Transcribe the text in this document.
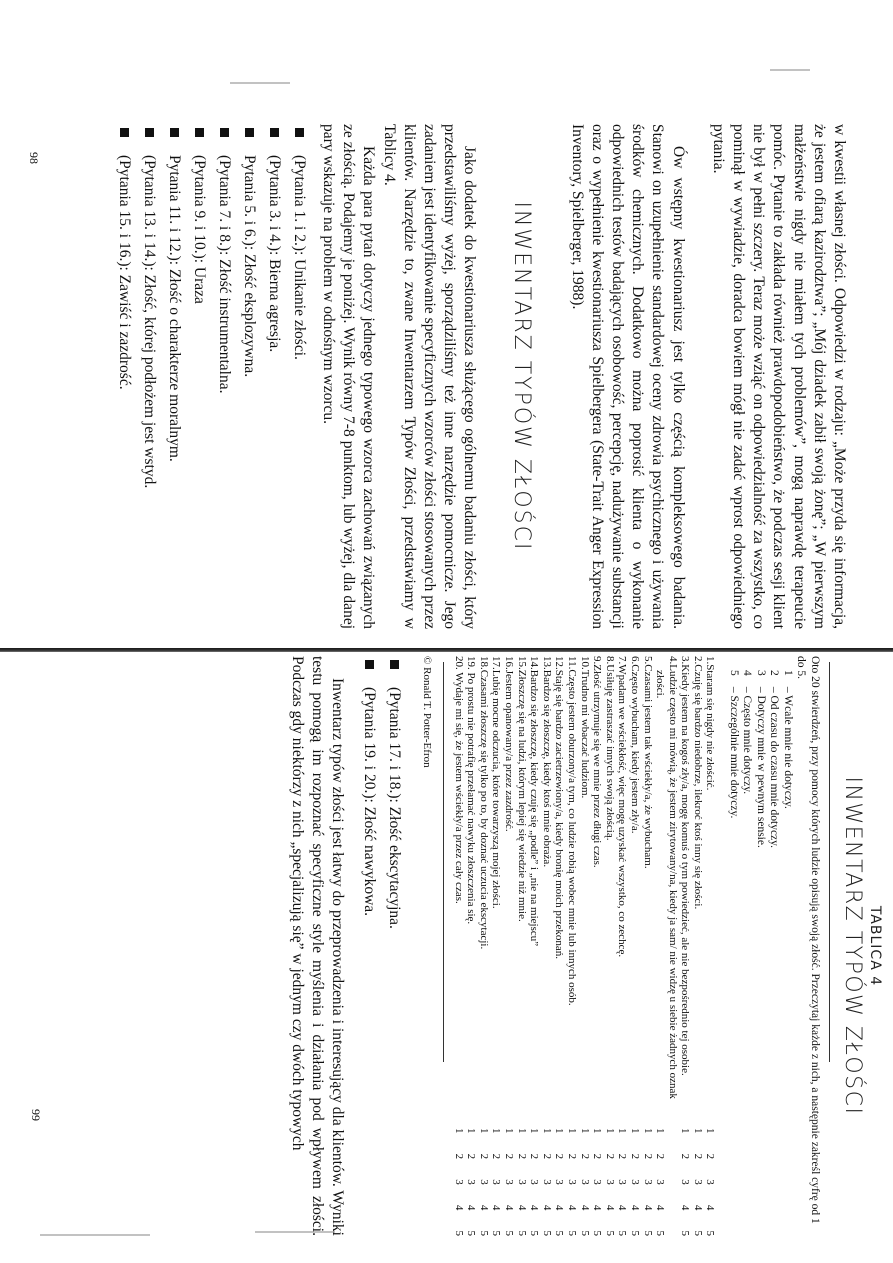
w kwestii własnej złości. Odpowiedzi w rodzaju: „Może przyda się informacja, że jestem ofiarą kazirodztwa”; „Mój dziadek zabił swoją żonę”; „W pierwszym małżeństwie nigdy nie miałem tych problemów”, mogą naprawdę terapeucie pomóc. Pytanie to zakłada również prawdopodobieństwo, że podczas sesji klient nie był w pełni szczery. Teraz może wziąć on odpowiedzialność za wszystko, co pominął w wywiadzie, doradca bowiem mógł nie zadać wprost odpowiedniego pytania.

Ów wstępny kwestionariusz jest tylko częścią kompleksowego badania. Stanowi on uzupełnienie standardowej oceny zdrowia psychicznego i używania środków chemicznych. Dodatkowo można poprosić klienta o wykonanie odpowiednich testów badających osobowość, percepcję, nadużywanie substancji oraz o wypełnienie kwestionariusza Spielbergera (State-Trait Anger Expression Inventory, Spielberger, 1988).

INWENTARZ TYPÓW ZŁOŚCI

Jako dodatek do kwestionariusza służącego ogólnemu badaniu złości, który przedstawiliśmy wyżej, sporządziliśmy też inne narzędzie pomocnicze. Jego zadaniem jest identyfikowanie specyficznych wzorców złości stosowanych przez klientów. Narzędzie to, zwane Inwentarzem Typów Złości, przedstawiamy w Tablicy 4.

Każda para pytań dotyczy jednego typowego wzorca zachowań związanych ze złością. Podajemy je poniżej. Wynik równy 7-8 punktom, lub wyżej, dla danej pary wskazuje na problem w odnośnym wzorcu.

(Pytania 1. i 2.): Unikanie złości.
(Pytania 3. i 4.): Bierna agresja.
Pytania 5. i 6.): Złość eksplozywna.
(Pytania 7. i 8.): Złość instrumentalna.
(Pytania 9. i 10.): Uraza
Pytania 11. i 12.): Złość o charakterze moralnym.
(Pytania 13. i 14.): Złość, której podłożem jest wstyd.
(Pytania 15. i 16.): Zawiść i zazdrość.
98
TABLICA 4
INWENTARZ TYPÓW ZŁOŚCI
Oto 20 stwierdzeń, przy pomocy których ludzie opisują swoją złość. Przeczytaj każde z nich, a następnie zakreśl cyfrę od 1 do 5.
1 – Wcale mnie nie dotyczy.
2 – Od czasu do czasu mnie dotyczy.
3 – Dotyczy mnie w pewnym sensie.
4 – Często mnie dotyczy.
5 – Szczególnie mnie dotyczy.
1.Staram się nigdy nie złościć.
1
2
3
4
5
2.Czuję się bardzo niedobrze, ilekroć ktoś inny się złości.
1
2
3
4
5
3.Kiedy jestem na kogoś zły/a, mogę komuś o tym powiedzieć, ale nie bezpośrednio tej osobie.
1
2
3
4
5
4.Ludzie często mi mówią, że jestem zirytowany/na, kiedy ja sam/ nie widzę u siebie żadnych oznak złości.
1
2
3
4
5
5.Czasami jestem tak wściekły/a, że wybucham.
1
2
3
4
5
6.Często wybucham, kiedy jestem zły/a.
1
2
3
4
5
7.Wpadam we wściekłość, więc mogę uzyskać wszystko, co zechcę.
1
2
3
4
5
8.Usiłuję zastraszać innych swoją złością.
1
2
3
4
5
9.Złość utrzymuje się we mnie przez długi czas.
1
2
3
4
5
10.Trudno mi wbaczać ludziom.
1
2
3
4
5
11.Często jestem oburzony/a tym, co ludzie robią wobec mnie lub innych osób.
1
2
3
4
5
12.Staję się bardzo zacietrzewiony/a, kiedy bronię moich przekonań.
1
2
3
4
5
13.Bardzo się złoszczę, kiedy ktoś mnie obraża.
1
2
3
4
5
14.Bardzo się złoszczę, kiedy czuję się „podle” i „nie na miejscu”
1
2
3
4
5
15.Złoszczę się na ludzi, którym lepiej się wiedzie niż mnie.
1
2
3
4
5
16.Jestem opanowany/a przez zazdrość.
1
2
3
4
5
17.Lubię mocne odczucia, które towarzyszą mojej złości.
1
2
3
4
5
18.Czasami złoszczę się tylko po to, by doznać uczucia ekscytacji.
1
2
3
4
5
19. Po prostu nie potrafię przełamać nawyku złoszczenia się.
1
2
3
4
5
20. Wydaje mi się, że jestem wściekły/a przez cały czas.
1
2
3
4
5
© Ronald T. Potter-Efron
(Pytania 17. i 18.): Złość ekscytacyjna.
(Pytania 19. i 20.): Złość nawykowa.

Inwentarz typów złości jest łatwy do przeprowadzenia i interesujący dla klientów. Wyniki testu pomogą im rozpoznać specyficzne style myślenia i działania pod wpływem złości. Podczas gdy niektórzy z nich „specjalizują się” w jednym czy dwóch typowych

99
